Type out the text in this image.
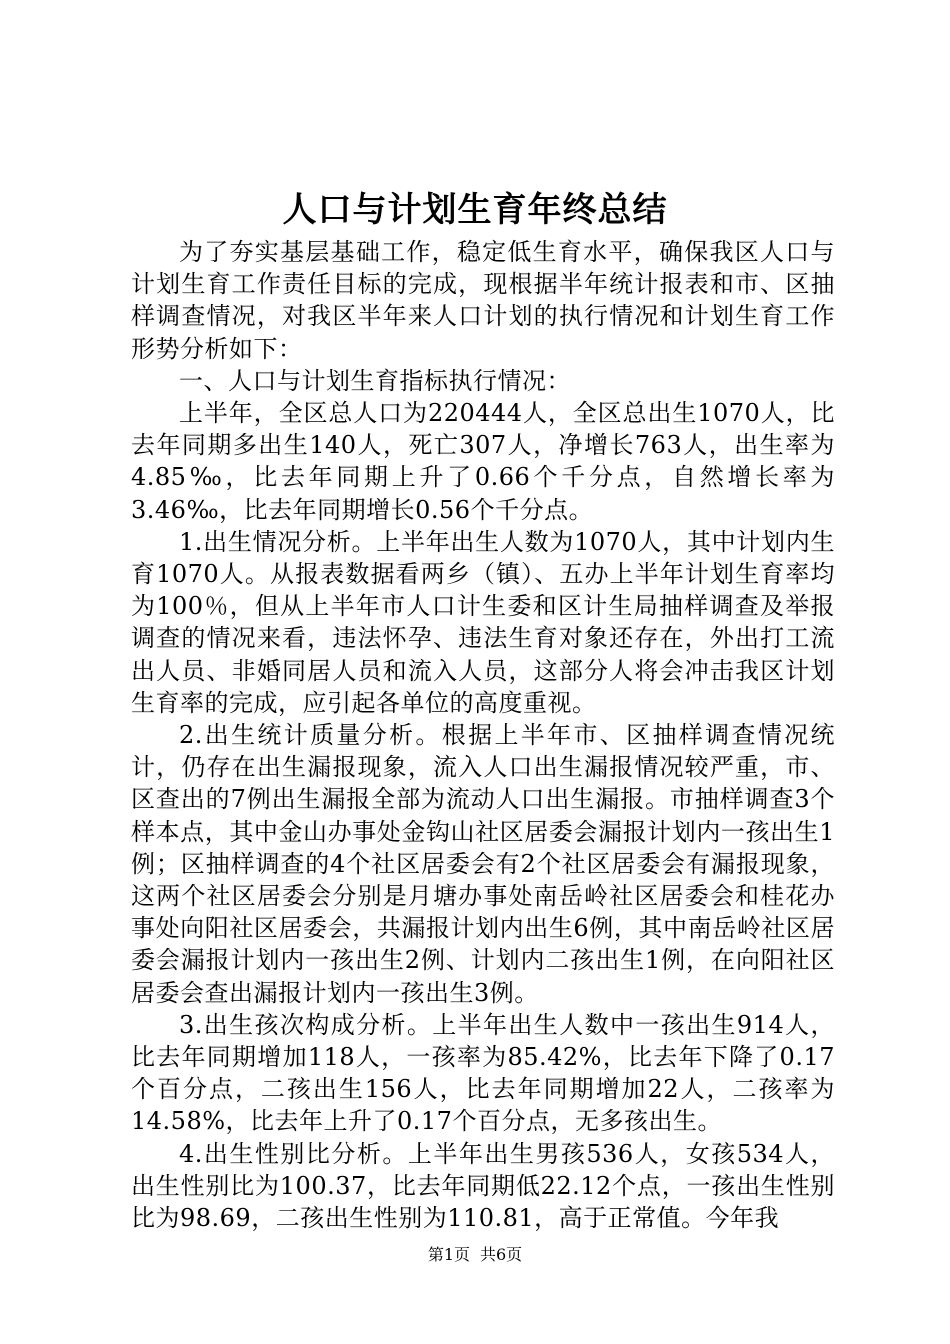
人口与计划生育年终总结

为了夯实基层基础工作，稳定低生育水平，确保我区人口与计划生育工作责任目标的完成，现根据半年统计报表和市、区抽样调查情况，对我区半年来人口计划的执行情况和计划生育工作形势分析如下：

一、人口与计划生育指标执行情况：

上半年，全区总人口为220444人，全区总出生1070人，比去年同期多出生140人，死亡307人，净增长763人，出生率为4.85‰，比去年同期上升了0.66个千分点，自然增长率为3.46‰，比去年同期增长0.56个千分点。

1.出生情况分析。上半年出生人数为1070人，其中计划内生育1070人。从报表数据看两乡（镇）、五办上半年计划生育率均为100％，但从上半年市人口计生委和区计生局抽样调查及举报调查的情况来看，违法怀孕、违法生育对象还存在，外出打工流出人员、非婚同居人员和流入人员，这部分人将会冲击我区计划生育率的完成，应引起各单位的高度重视。

2.出生统计质量分析。根据上半年市、区抽样调查情况统计，仍存在出生漏报现象，流入人口出生漏报情况较严重，市、区查出的7例出生漏报全部为流动人口出生漏报。市抽样调查3个样本点，其中金山办事处金钩山社区居委会漏报计划内一孩出生1例；区抽样调查的4个社区居委会有2个社区居委会有漏报现象，这两个社区居委会分别是月塘办事处南岳岭社区居委会和桂花办事处向阳社区居委会，共漏报计划内出生6例，其中南岳岭社区居委会漏报计划内一孩出生2例、计划内二孩出生1例，在向阳社区居委会查出漏报计划内一孩出生3例。

3.出生孩次构成分析。上半年出生人数中一孩出生914人，比去年同期增加118人，一孩率为85.42%，比去年下降了0.17个百分点，二孩出生156人，比去年同期增加22人，二孩率为14.58%，比去年上升了0.17个百分点，无多孩出生。

4.出生性别比分析。上半年出生男孩536人，女孩534人，出生性别比为100.37，比去年同期低22.12个点，一孩出生性别比为98.69，二孩出生性别为110.81，高于正常值。今年我

第1页 共6页
